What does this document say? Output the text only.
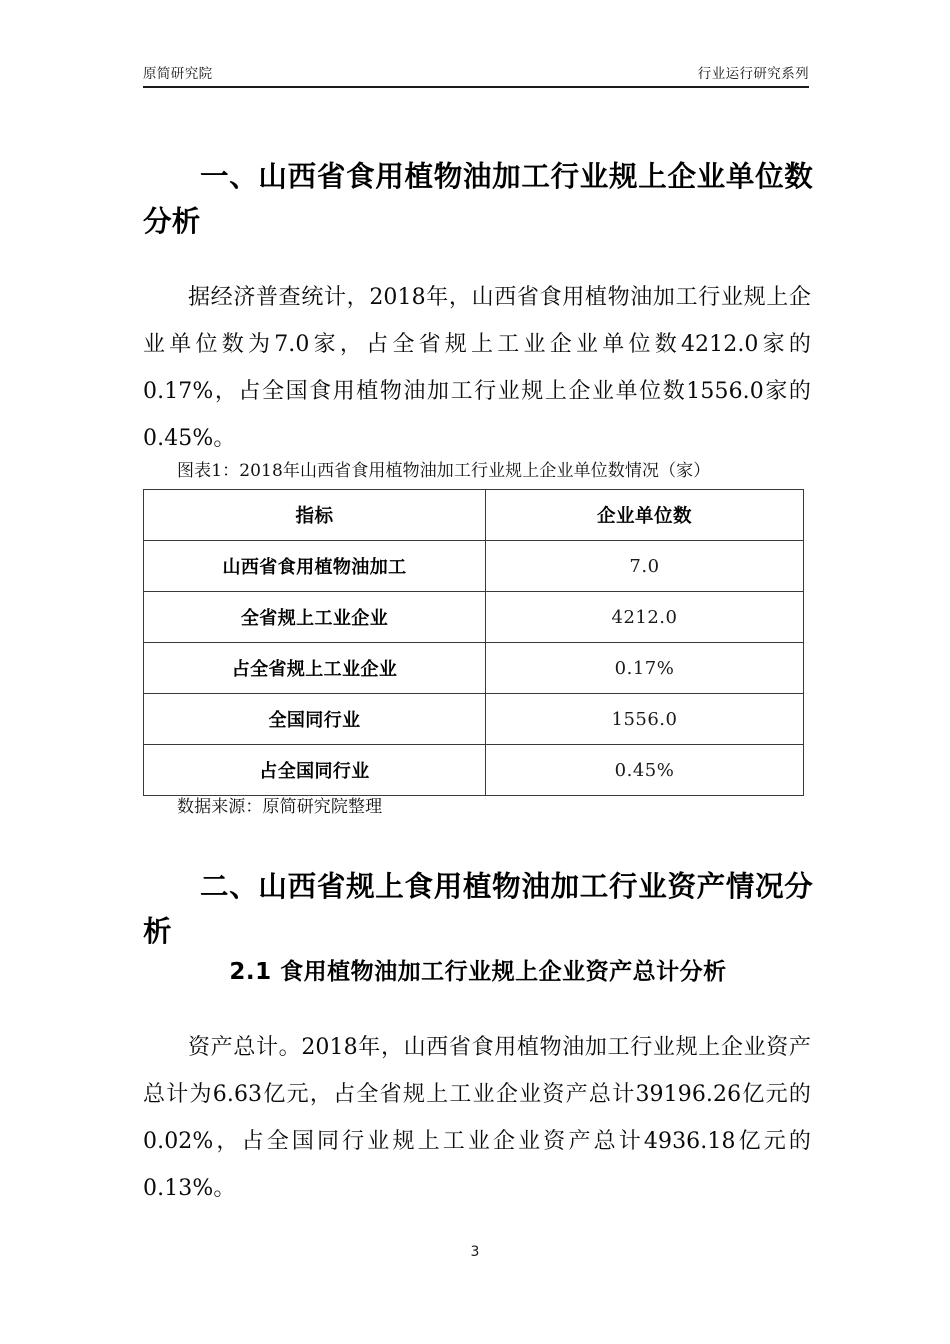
原简研究院	行业运行研究系列
一、山西省食用植物油加工行业规上企业单位数分析

据经济普查统计，2018年，山西省食用植物油加工行业规上企业单位数为7.0家，占全省规上工业企业单位数4212.0家的0.17%，占全国食用植物油加工行业规上企业单位数1556.0家的0.45%。

图表1：2018年山西省食用植物油加工行业规上企业单位数情况（家）
指标	企业单位数
山西省食用植物油加工	7.0
全省规上工业企业	4212.0
占全省规上工业企业	0.17%
全国同行业	1556.0
占全国同行业	0.45%
数据来源：原简研究院整理
二、山西省规上食用植物油加工行业资产情况分析
2.1 食用植物油加工行业规上企业资产总计分析

资产总计。2018年，山西省食用植物油加工行业规上企业资产总计为6.63亿元，占全省规上工业企业资产总计39196.26亿元的0.02%，占全国同行业规上工业企业资产总计4936.18亿元的0.13%。

3
